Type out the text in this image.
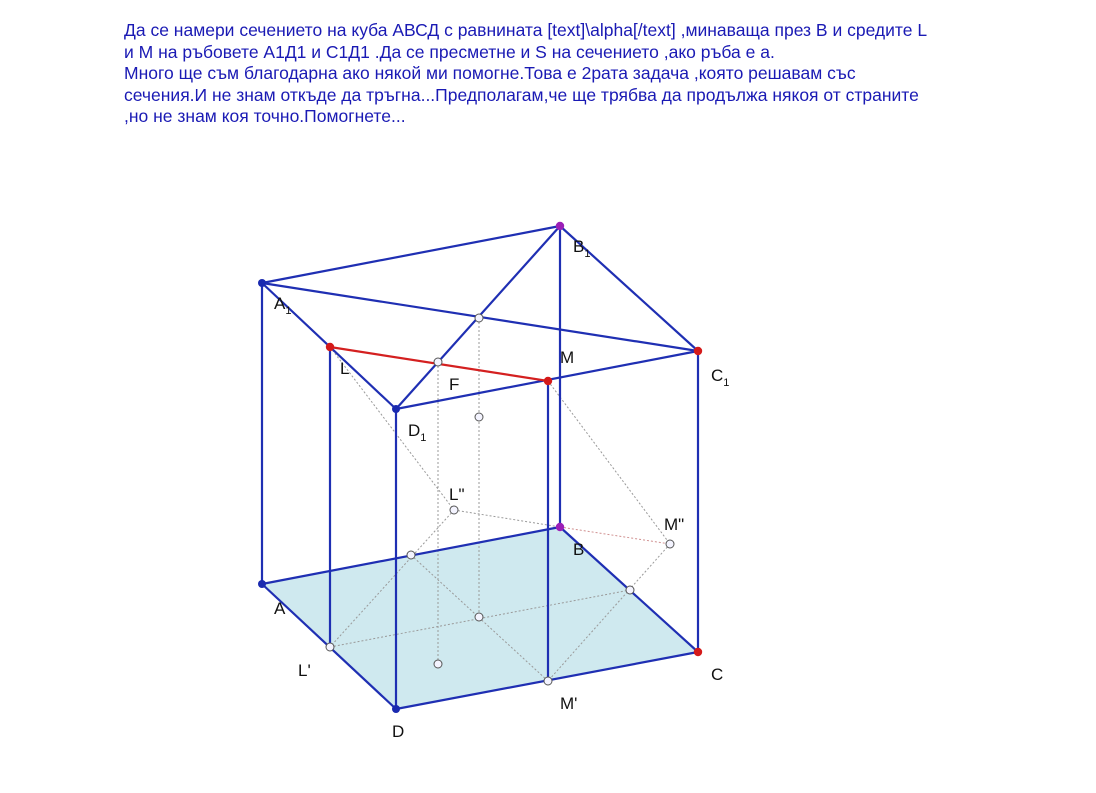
Да се намери сечението на куба АВСД с равнината [text]\alpha[/text] ,минаваща през В и средите L
и М на ръбовете А1Д1 и С1Д1 .Да се пресметне и S на сечението ,ако ръба е а.
Много ще съм благодарна ако някой ми помогне.Това е 2рата задача ,която решавам със
сечения.И не знам откъде да тръгна...Предполагам,че ще трябва да продължа някоя от страните
,но не знам коя точно.Помогнете...
$A_1$
$B_1$
$C_1$
$D_1$
L
M
F
L"
M"
B
A
C
L'
M'
D
